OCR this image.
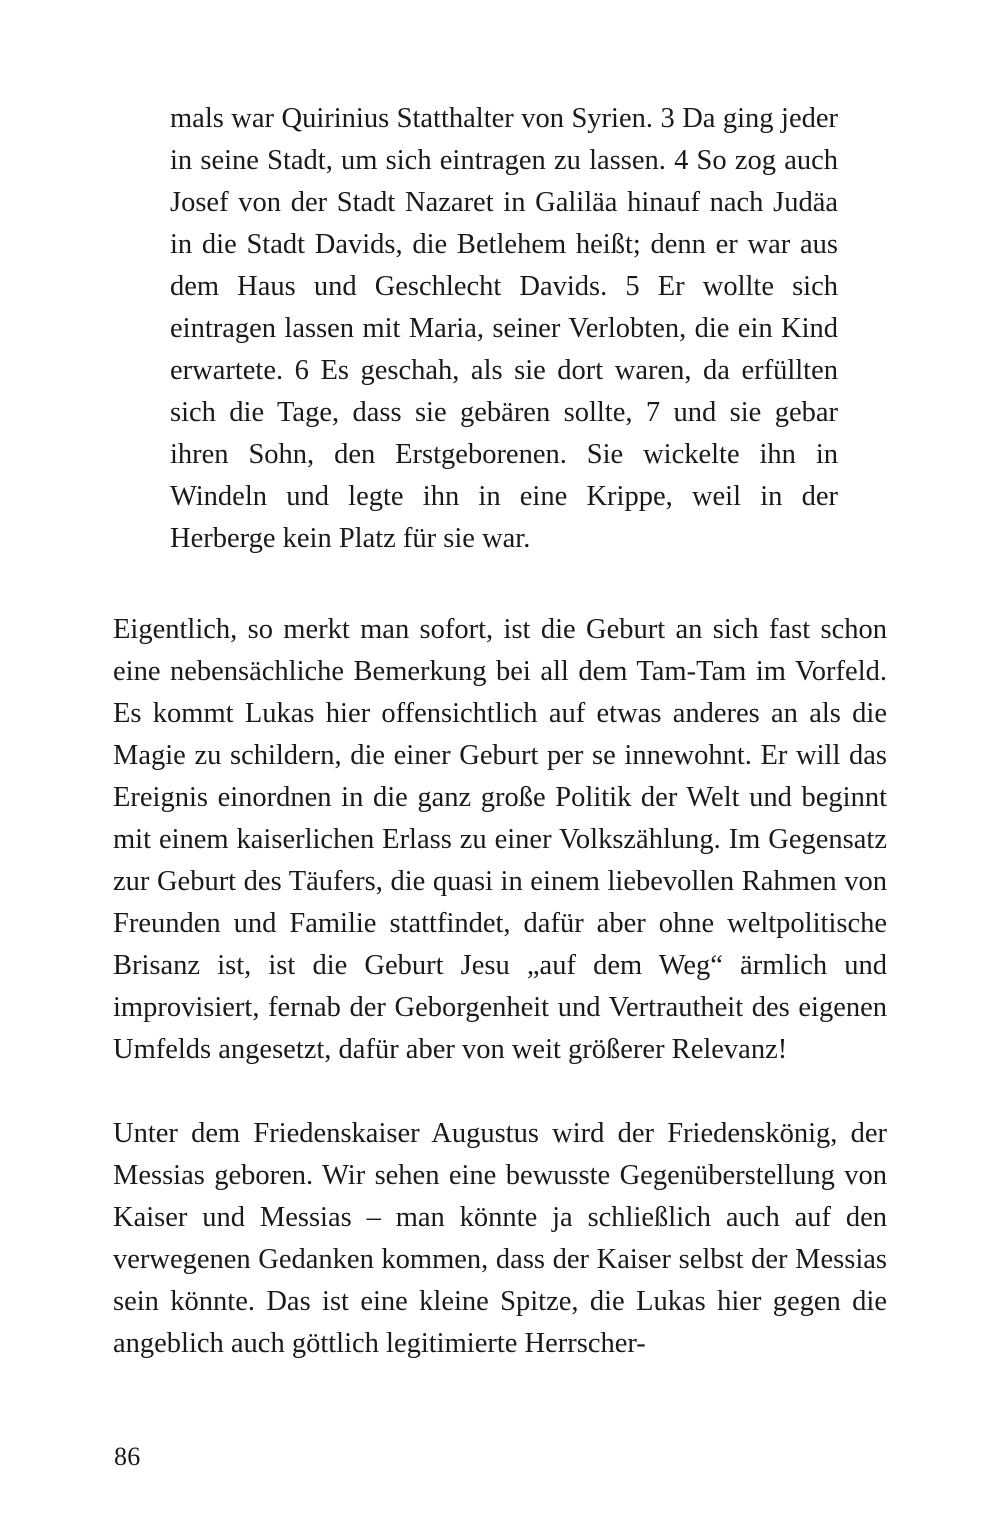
mals war Quirinius Statthalter von Syrien. 3 Da ging jeder in seine Stadt, um sich eintragen zu lassen. 4 So zog auch Josef von der Stadt Nazaret in Galiläa hinauf nach Judäa in die Stadt Davids, die Betlehem heißt; denn er war aus dem Haus und Geschlecht Davids. 5 Er wollte sich eintragen lassen mit Maria, seiner Verlobten, die ein Kind erwartete. 6 Es geschah, als sie dort waren, da erfüllten sich die Tage, dass sie gebären sollte, 7 und sie gebar ihren Sohn, den Erstgeborenen. Sie wickelte ihn in Windeln und legte ihn in eine Krippe, weil in der Herberge kein Platz für sie war.

Eigentlich, so merkt man sofort, ist die Geburt an sich fast schon eine nebensächliche Bemerkung bei all dem Tam-Tam im Vorfeld. Es kommt Lukas hier offensichtlich auf etwas anderes an als die Magie zu schildern, die einer Geburt per se innewohnt. Er will das Ereignis einordnen in die ganz große Politik der Welt und beginnt mit einem kaiserlichen Erlass zu einer Volkszählung. Im Gegensatz zur Geburt des Täufers, die quasi in einem liebevollen Rahmen von Freunden und Familie stattfindet, dafür aber ohne weltpolitische Brisanz ist, ist die Geburt Jesu „auf dem Weg“ ärmlich und improvisiert, fernab der Geborgenheit und Vertrautheit des eigenen Umfelds angesetzt, dafür aber von weit größerer Relevanz!

Unter dem Friedenskaiser Augustus wird der Friedenskönig, der Messias geboren. Wir sehen eine bewusste Gegenüberstellung von Kaiser und Messias – man könnte ja schließlich auch auf den verwegenen Gedanken kommen, dass der Kaiser selbst der Messias sein könnte. Das ist eine kleine Spitze, die Lukas hier gegen die angeblich auch göttlich legitimierte Herrscher-

86
